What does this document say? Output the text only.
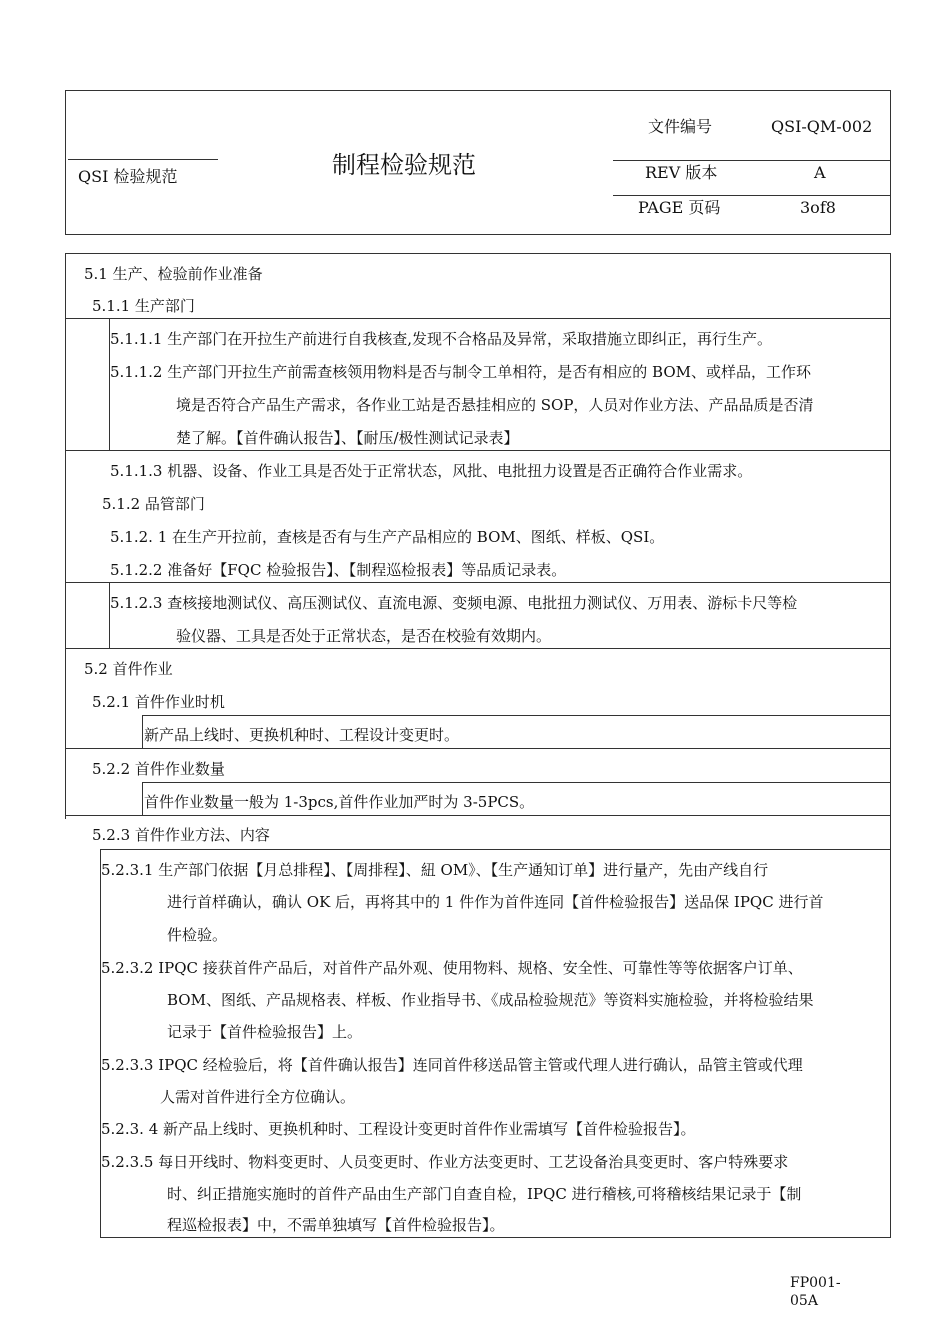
QSI 检验规范	制程检验规范
文件编号	QSI-QM-002
REV 版本	A
PAGE 页码	3of8
5.1 生产、检验前作业准备
5.1.1 生产部门
5.1.1.1 生产部门在开拉生产前进行自我核查,发现不合格品及异常，采取措施立即纠正，再行生产。
5.1.1.2 生产部门开拉生产前需查核领用物料是否与制令工单相符，是否有相应的 BOM、或样品，工作环
境是否符合产品生产需求，各作业工站是否悬挂相应的 SOP，人员对作业方法、产品品质是否清
楚了解。【首件确认报告】、【耐压/极性测试记录表】
5.1.1.3 机器、设备、作业工具是否处于正常状态，风批、电批扭力设置是否正确符合作业需求。
5.1.2 品管部门
5.1.2. 1 在生产开拉前，查核是否有与生产产品相应的 BOM、图纸、样板、QSI。
5.1.2.2 准备好【FQC 检验报告】、【制程巡检报表】等品质记录表。
5.1.2.3 查核接地测试仪、高压测试仪、直流电源、变频电源、电批扭力测试仪、万用表、游标卡尺等检
验仪器、工具是否处于正常状态，是否在校验有效期内。
5.2 首件作业
5.2.1 首件作业时机
新产品上线时、更换机种时、工程设计变更时。
5.2.2 首件作业数量
首件作业数量一般为 1-3pcs,首件作业加严时为 3-5PCS。
5.2.3 首件作业方法、内容
5.2.3.1 生产部门依据【月总排程】、【周排程】、紐 OM》、【生产通知订单】进行量产，先由产线自行
进行首样确认，确认 OK 后，再将其中的 1 件作为首件连同【首件检验报告】送品保 IPQC 进行首
件检验。
5.2.3.2 IPQC 接获首件产品后，对首件产品外观、使用物料、规格、安全性、可靠性等等依据客户订单、
BOM、图纸、产品规格表、样板、作业指导书、《成品检验规范》等资料实施检验，并将检验结果
记录于【首件检验报告】上。
5.2.3.3 IPQC 经检验后，将【首件确认报告】连同首件移送品管主管或代理人进行确认，品管主管或代理
人需对首件进行全方位确认。
5.2.3. 4 新产品上线时、更换机种时、工程设计变更时首件作业需填写【首件检验报告】。
5.2.3.5 每日开线时、物料变更时、人员变更时、作业方法变更时、工艺设备治具变更时、客户特殊要求
时、纠正措施实施时的首件产品由生产部门自查自检，IPQC 进行稽核,可将稽核结果记录于【制
程巡检报表】中，不需单独填写【首件检验报告】。
FP001-
05A
